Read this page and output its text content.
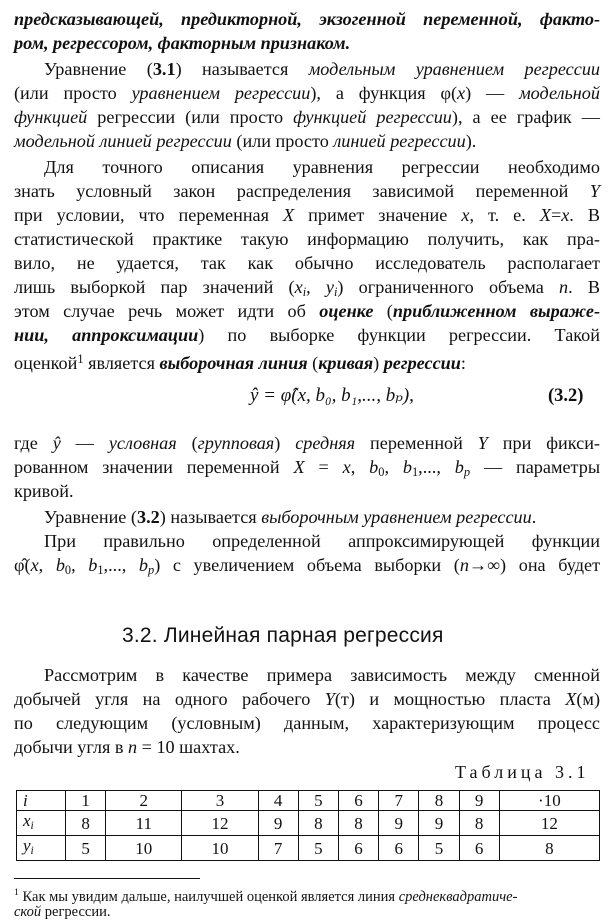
предсказывающей, предикторной, экзогенной переменной, факто-
ром, регрессором, факторным признаком.
Уравнение (3.1) называется модельным уравнением регрессии
(или просто уравнением регрессии), а функция φ(x) — модельной
функцией регрессии (или просто функцией регрессии), а ее график —
модельной линией регрессии (или просто линией регрессии).
Для точного описания уравнения регрессии необходимо
знать условный закон распределения зависимой переменной Y
при условии, что переменная X примет значение x, т. е. X=x. В
статистической практике такую информацию получить, как пра-
вило, не удается, так как обычно исследователь располагает
лишь выборкой пар значений ($x_i$, $y_i$) ограниченного объема n. В
этом случае речь может идти об оценке (приближенном выраже-
нии, аппроксимации) по выборке функции регрессии. Такой
оценкой$^1$ является выборочная линия (кривая) регрессии:
ŷ = φ̂(x, b₀, b₁,..., bₚ),	(3.2)
где ŷ — условная (групповая) средняя переменной Y при фикси-
рованном значении переменной X = x, $b_0$, $b_1$,..., $b_p$ — параметры
кривой.
Уравнение (3.2) называется выборочным уравнением регрессии.
При правильно определенной аппроксимирующей функции
φ̂(x, $b_0$, $b_1$,..., $b_p$) с увеличением объема выборки (n→∞) она будет
3.2. Линейная парная регрессия
Рассмотрим в качестве примера зависимость между сменной
добычей угля на одного рабочего Y(т) и мощностью пласта X(м)
по следующим (условным) данным, характеризующим процесс
добычи угля в n = 10 шахтах.
Таблица 3.1
i	1	2	3	4	5	6	7	8	9	·10
$x_i$	8	11	12	9	8	8	9	9	8	12
$y_i$	5	10	10	7	5	6	6	5	6	8
$^1$ Как мы увидим дальше, наилучшей оценкой является линия среднеквадратиче-
ской регрессии.
